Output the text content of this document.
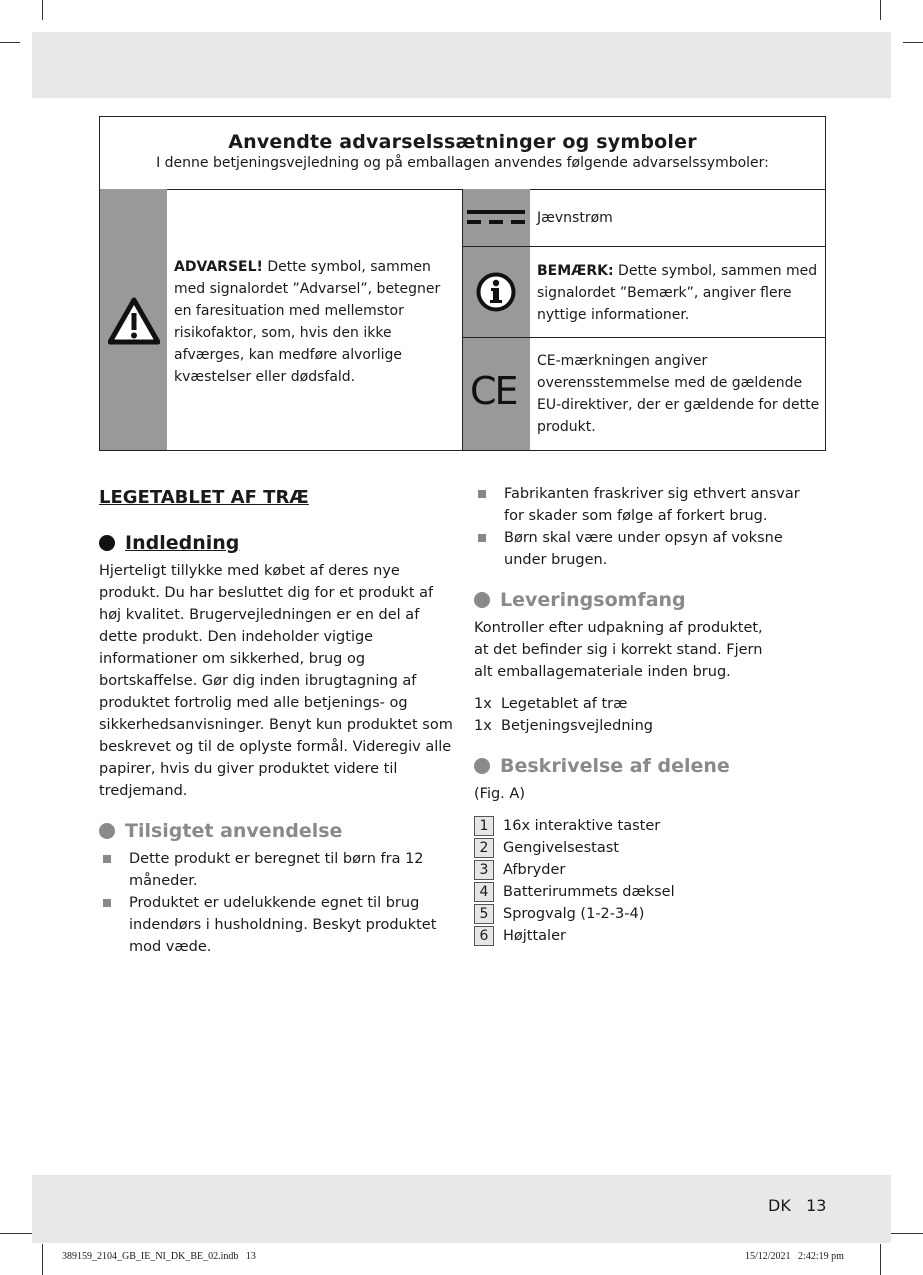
Anvendte advarselssætninger og symboler

I denne betjeningsvejledning og på emballagen anvendes følgende advarselssymboler:

ADVARSEL! Dette symbol, sammen med signalordet ”Advarsel”, betegner en faresituation med mellemstor risikofaktor, som, hvis den ikke afværges, kan medføre alvorlige kvæstelser eller dødsfald.
Jævnstrøm
BEMÆRK: Dette symbol, sammen med signalordet ”Bemærk”, angiver flere nyttige informationer.
CE
CE-mærkningen angiver overensstemmelse med de gældende EU-direktiver, der er gældende for dette produkt.
LEGETABLET AF TRÆ
Indledning

Hjerteligt tillykke med købet af deres nye produkt. Du har besluttet dig for et produkt af høj kvalitet. Brugervejledningen er en del af dette produkt. Den indeholder vigtige informationer om sikkerhed, brug og bortskaffelse. Gør dig inden ibrugtagning af produktet fortrolig med alle betjenings- og sikkerhedsanvisninger. Benyt kun produktet som beskrevet og til de oplyste formål. Videregiv alle papirer, hvis du giver produktet videre til tredjemand.

Tilsigtet anvendelse
Dette produkt er beregnet til børn fra 12 måneder.
Produktet er udelukkende egnet til brug indendørs i husholdning. Beskyt produktet mod væde.
Fabrikanten fraskriver sig ethvert ansvar for skader som følge af forkert brug.
Børn skal være under opsyn af voksne under brugen.
Leveringsomfang

Kontroller efter udpakning af produktet, at det befinder sig i korrekt stand. Fjern alt emballagemateriale inden brug.

1x Legetablet af træ
1x Betjeningsvejledning
Beskrivelse af delene

(Fig. A)

1	16x interaktive taster
2	Gengivelsestast
3	Afbryder
4	Batterirummets dæksel
5	Sprogvalg (1-2-3-4)
6	Højttaler
DK 13
389159_2104_GB_IE_NI_DK_BE_02.indb   13	15/12/2021   2:42:19 pm
